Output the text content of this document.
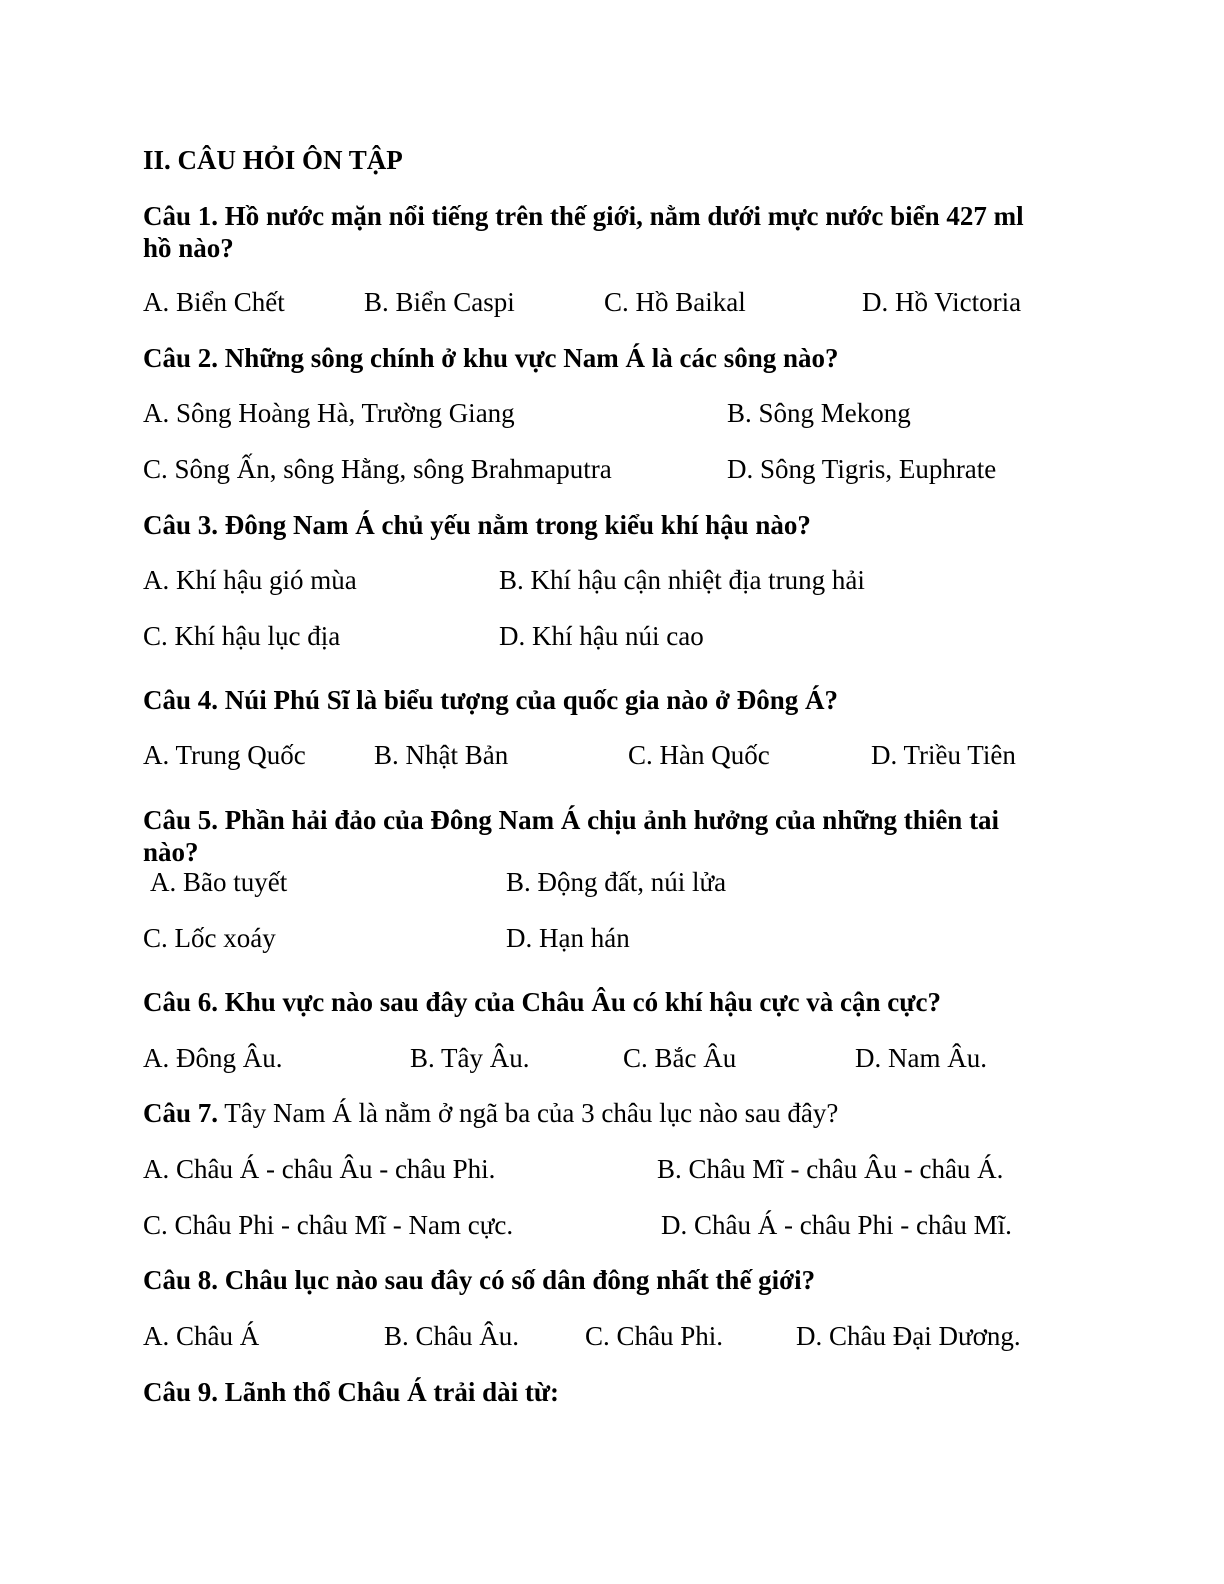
II. CÂU HỎI ÔN TẬP
Câu 1. Hồ nước mặn nổi tiếng trên thế giới, nằm dưới mực nước biển 427 ml
hồ nào?
A. Biển Chết	B. Biển Caspi	C. Hồ Baikal	D. Hồ Victoria
Câu 2. Những sông chính ở khu vực Nam Á là các sông nào?
A. Sông Hoàng Hà, Trường Giang	B. Sông Mekong
C. Sông Ấn, sông Hằng, sông Brahmaputra	D. Sông Tigris, Euphrate
Câu 3. Đông Nam Á chủ yếu nằm trong kiểu khí hậu nào?
A. Khí hậu gió mùa	B. Khí hậu cận nhiệt địa trung hải
C. Khí hậu lục địa	D. Khí hậu núi cao
Câu 4. Núi Phú Sĩ là biểu tượng của quốc gia nào ở Đông Á?
A. Trung Quốc	B. Nhật Bản	C. Hàn Quốc	D. Triều Tiên
Câu 5. Phần hải đảo của Đông Nam Á chịu ảnh hưởng của những thiên tai
nào?
A. Bão tuyết	B. Động đất, núi lửa
C. Lốc xoáy	D. Hạn hán
Câu 6. Khu vực nào sau đây của Châu Âu có khí hậu cực và cận cực?
A. Đông Âu.	B. Tây Âu.	C. Bắc Âu	D. Nam Âu.
Câu 7. Tây Nam Á là nằm ở ngã ba của 3 châu lục nào sau đây?
A. Châu Á - châu Âu - châu Phi.	B. Châu Mĩ - châu Âu - châu Á.
C. Châu Phi - châu Mĩ - Nam cực.	D. Châu Á - châu Phi - châu Mĩ.
Câu 8. Châu lục nào sau đây có số dân đông nhất thế giới?
A. Châu Á	B. Châu Âu. C. Châu Phi.	D. Châu Đại Dương.
Câu 9. Lãnh thổ Châu Á trải dài từ:
